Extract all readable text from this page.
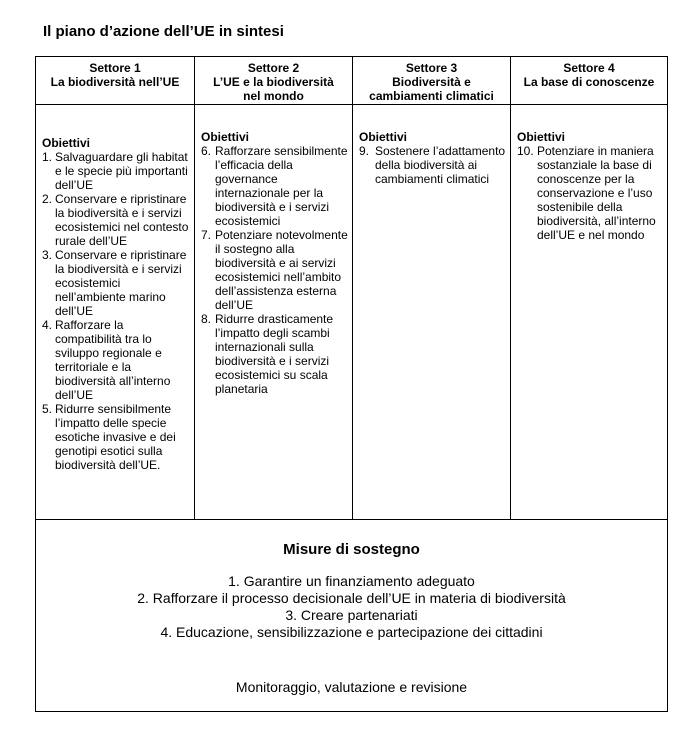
Il piano d’azione dell’UE in sintesi
Settore 1
La biodiversità nell’UE
Obiettivi
1. Salvaguardare gli habitat e le specie più importanti dell’UE
2. Conservare e ripristinare la biodiversità e i servizi ecosistemici nel contesto rurale dell’UE
3. Conservare e ripristinare la biodiversità e i servizi ecosistemici nell’ambiente marino dell’UE
4. Rafforzare la compatibilità tra lo sviluppo regionale e territoriale e la biodiversità all’interno dell’UE
5. Ridurre sensibilmente l’impatto delle specie esotiche invasive e dei genotipi esotici sulla biodiversità dell’UE.
Settore 2
L’UE e la biodiversità
nel mondo
Obiettivi
6. Rafforzare sensibilmente l’efficacia della governance internazionale per la biodiversità e i servizi ecosistemici
7. Potenziare notevolmente il sostegno alla biodiversità e ai servizi ecosistemici nell’ambito dell’assistenza esterna dell’UE
8. Ridurre drasticamente l’impatto degli scambi internazionali sulla biodiversità e i servizi ecosistemici su scala planetaria
Settore 3
Biodiversità e
cambiamenti climatici
Obiettivi
9. Sostenere l’adattamento della biodiversità ai cambiamenti climatici
Settore 4
La base di conoscenze
Obiettivi
10. Potenziare in maniera sostanziale la base di conoscenze per la conservazione e l’uso sostenibile della biodiversità, all’interno dell’UE e nel mondo
Misure di sostegno
1. Garantire un finanziamento adeguato
2. Rafforzare il processo decisionale dell’UE in materia di biodiversità
3. Creare partenariati
4. Educazione, sensibilizzazione e partecipazione dei cittadini
Monitoraggio, valutazione e revisione
